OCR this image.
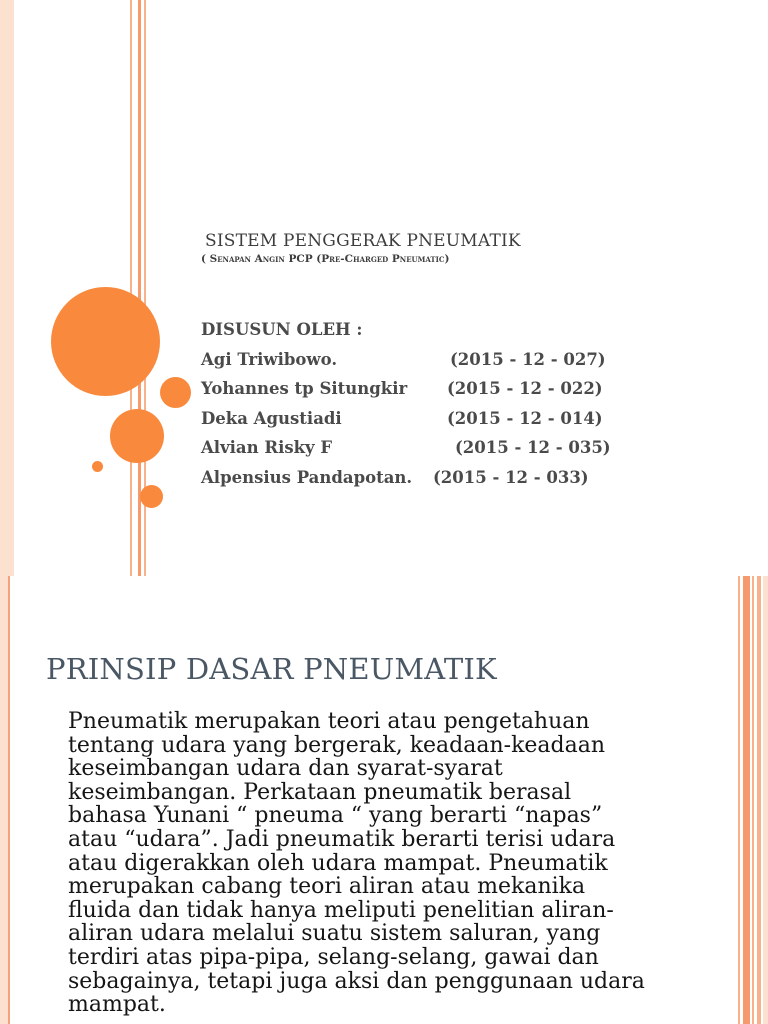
SISTEM PENGGERAK PNEUMATIK
( Senapan Angin PCP (Pre-Charged Pneumatic)
DISUSUN OLEH :
Agi Triwibowo.	(2015 - 12 - 027)
Yohannes tp Situngkir (2015 - 12 - 022)
Deka Agustiadi	(2015 - 12 - 014)
Alvian Risky F	(2015 - 12 - 035)
Alpensius Pandapotan. (2015 - 12 - 033)
PRINSIP DASAR PNEUMATIK
Pneumatik merupakan teori atau pengetahuan
tentang udara yang bergerak, keadaan-keadaan
keseimbangan udara dan syarat-syarat
keseimbangan. Perkataan pneumatik berasal
bahasa Yunani “ pneuma “ yang berarti “napas”
atau “udara”. Jadi pneumatik berarti terisi udara
atau digerakkan oleh udara mampat. Pneumatik
merupakan cabang teori aliran atau mekanika
fluida dan tidak hanya meliputi penelitian aliran-
aliran udara melalui suatu sistem saluran, yang
terdiri atas pipa-pipa, selang-selang, gawai dan
sebagainya, tetapi juga aksi dan penggunaan udara
mampat.
